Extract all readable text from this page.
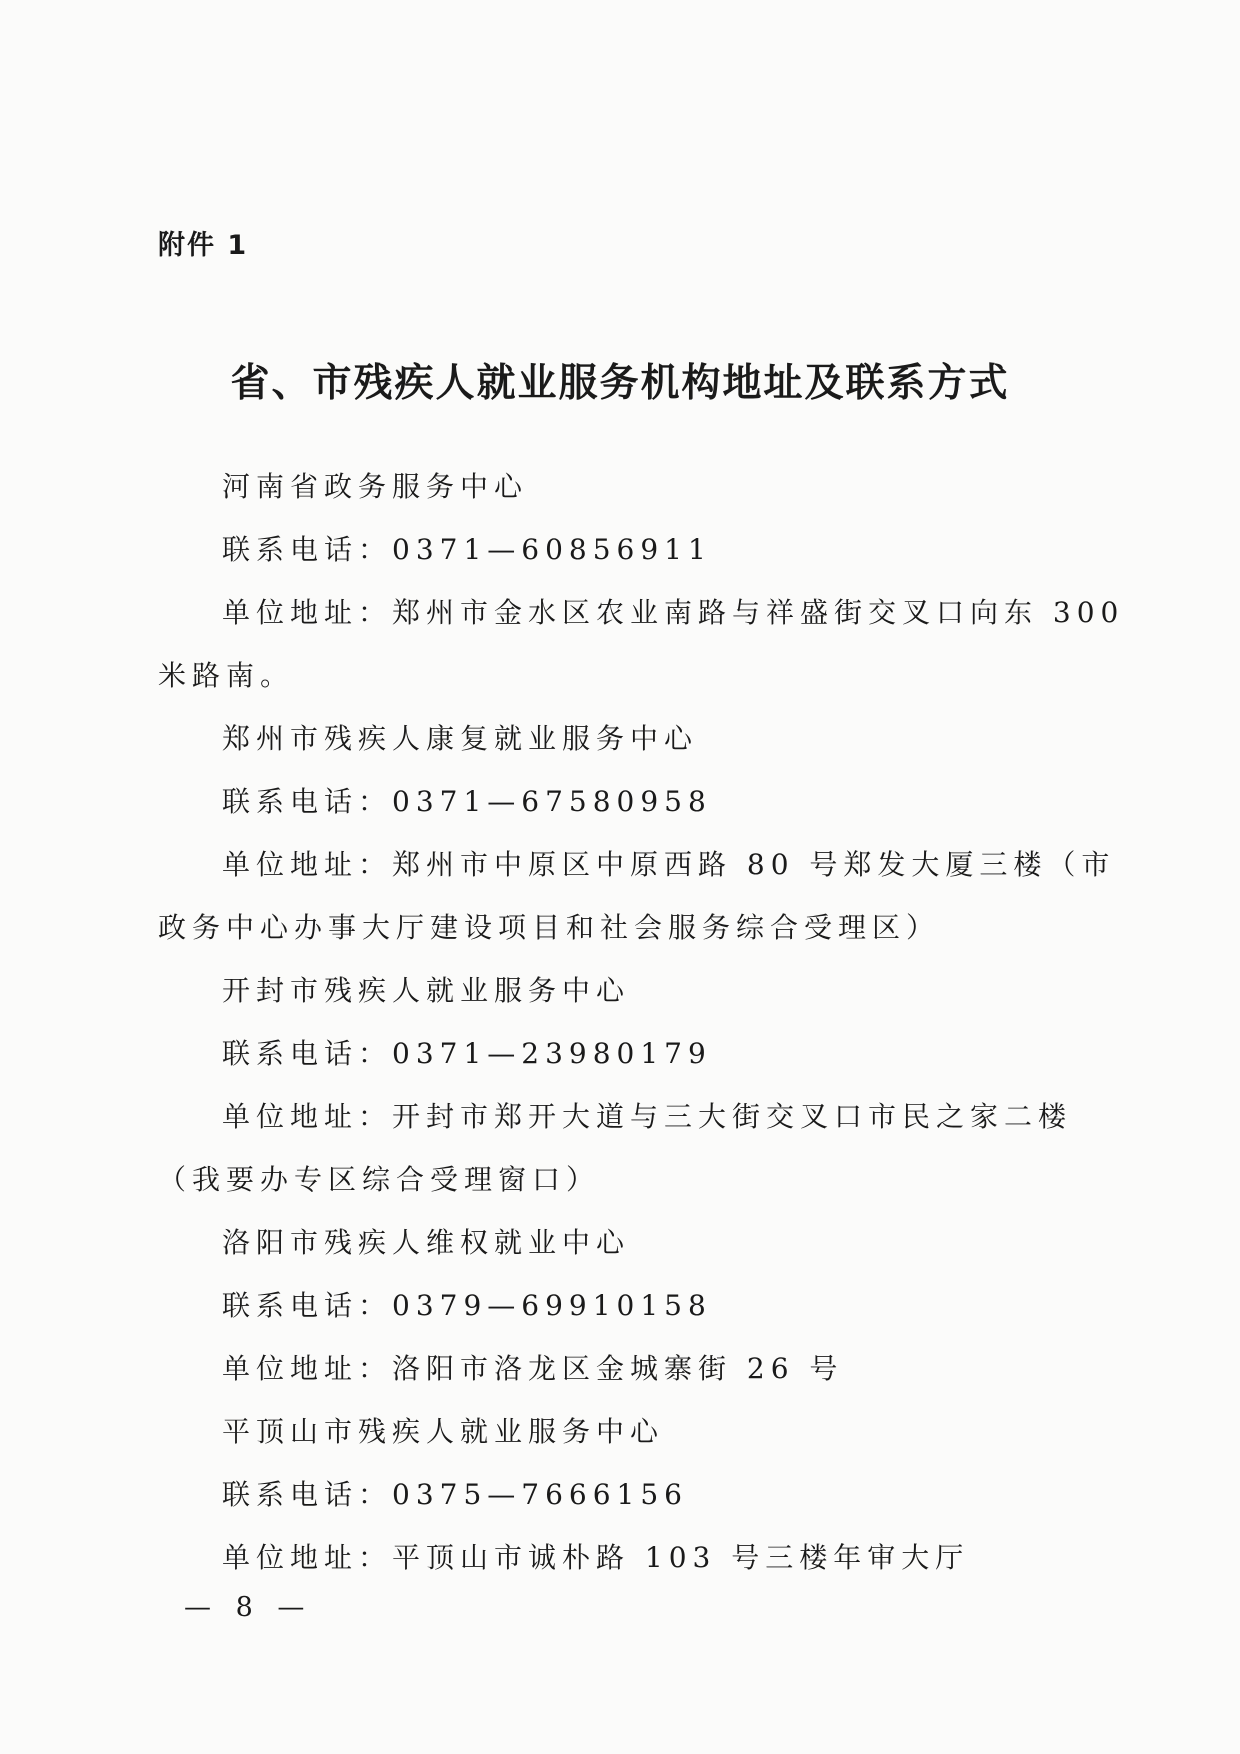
附件 1
省、市残疾人就业服务机构地址及联系方式

河南省政务服务中心

联系电话：0371—60856911

单位地址：郑州市金水区农业南路与祥盛街交叉口向东 300

米路南。

郑州市残疾人康复就业服务中心

联系电话：0371—67580958

单位地址：郑州市中原区中原西路 80 号郑发大厦三楼（市

政务中心办事大厅建设项目和社会服务综合受理区）

开封市残疾人就业服务中心

联系电话：0371—23980179

单位地址：开封市郑开大道与三大街交叉口市民之家二楼

（我要办专区综合受理窗口）

洛阳市残疾人维权就业中心

联系电话：0379—69910158

单位地址：洛阳市洛龙区金城寨街 26 号

平顶山市残疾人就业服务中心

联系电话：0375—7666156

单位地址：平顶山市诚朴路 103 号三楼年审大厅

— 8 —
